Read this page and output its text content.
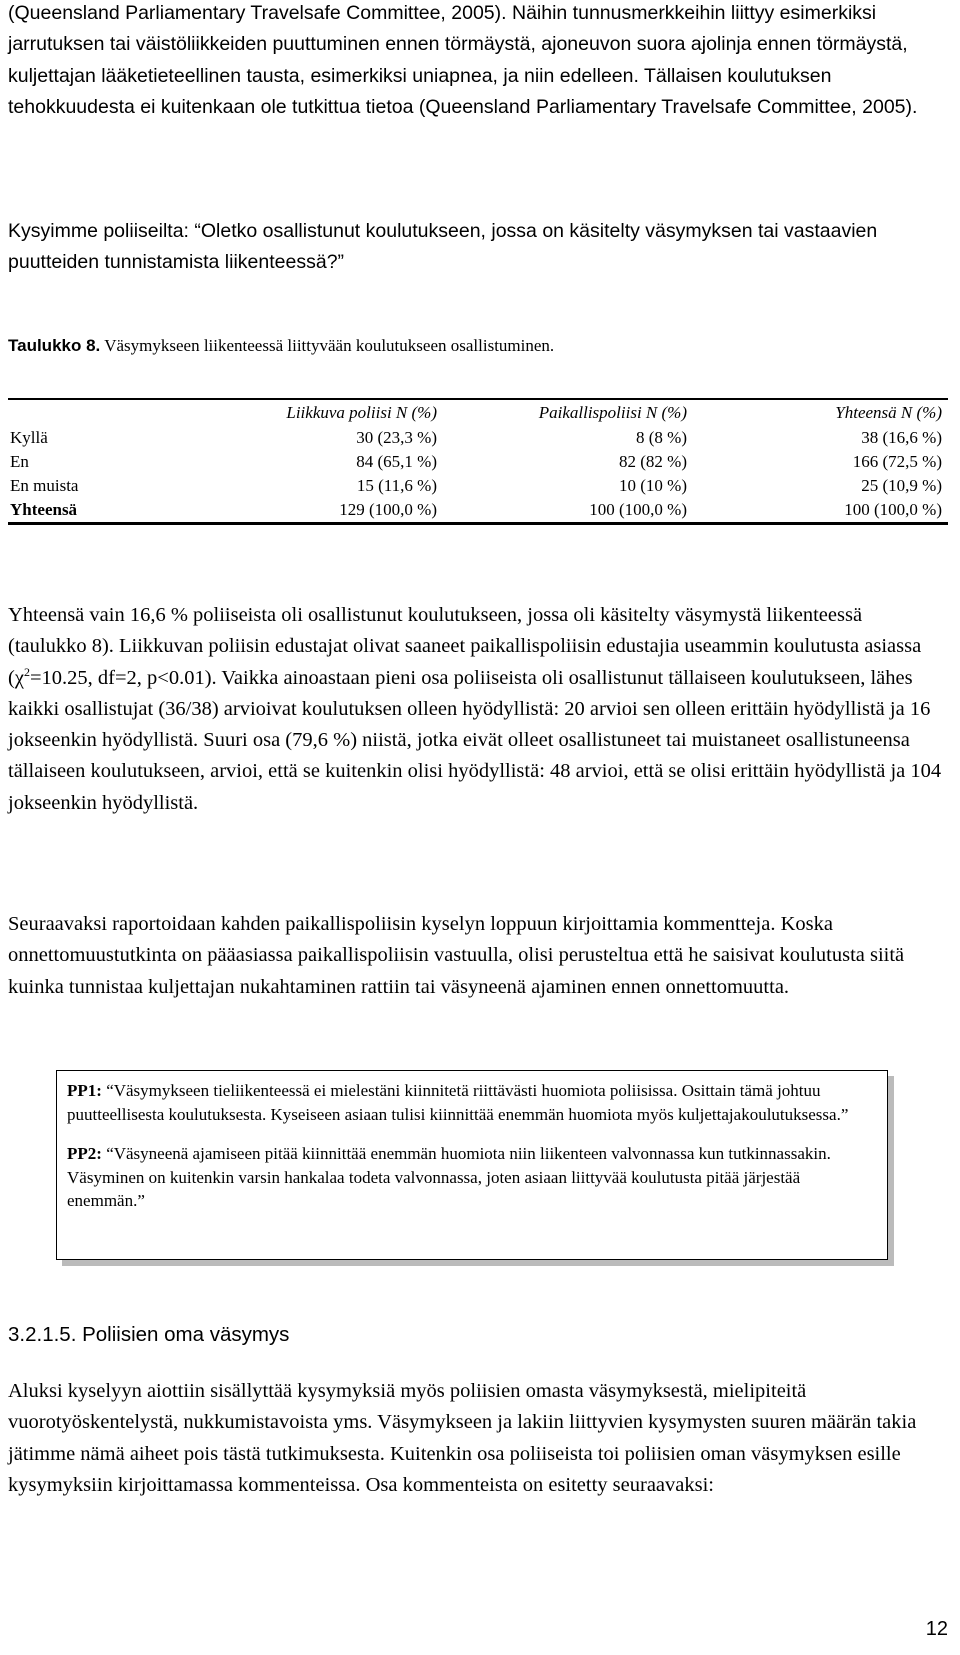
(Queensland Parliamentary Travelsafe Committee, 2005). Näihin tunnusmerkkeihin liittyy esimerkiksi jarrutuksen tai väistöliikkeiden puuttuminen ennen törmäystä, ajoneuvon suora ajolinja ennen törmäystä, kuljettajan lääketieteellinen tausta, esimerkiksi uniapnea, ja niin edelleen. Tällaisen koulutuksen tehokkuudesta ei kuitenkaan ole tutkittua tietoa (Queensland Parliamentary Travelsafe Committee, 2005).

Kysyimme poliiseilta: “Oletko osallistunut koulutukseen, jossa on käsitelty väsymyksen tai vastaavien puutteiden tunnistamista liikenteessä?”

Taulukko 8. Väsymykseen liikenteessä liittyvään koulutukseen osallistuminen.
	Liikkuva poliisi N (%)	Paikallispoliisi N (%)	Yhteensä N (%)
Kyllä	30 (23,3 %)	8 (8 %)	38 (16,6 %)
En	84 (65,1 %)	82 (82 %)	166 (72,5 %)
En muista	15 (11,6 %)	10 (10 %)	25 (10,9 %)
Yhteensä	129 (100,0 %)	100 (100,0 %)	100 (100,0 %)

Yhteensä vain 16,6 % poliiseista oli osallistunut koulutukseen, jossa oli käsitelty väsymystä liikenteessä (taulukko 8). Liikkuvan poliisin edustajat olivat saaneet paikallispoliisin edustajia useammin koulutusta asiassa ($\chi^2=10.25$, df=2, p<0.01). Vaikka ainoastaan pieni osa poliiseista oli osallistunut tällaiseen koulutukseen, lähes kaikki osallistujat (36/38) arvioivat koulutuksen olleen hyödyllistä: 20 arvioi sen olleen erittäin hyödyllistä ja 16 jokseenkin hyödyllistä. Suuri osa (79,6 %) niistä, jotka eivät olleet osallistuneet tai muistaneet osallistuneensa tällaiseen koulutukseen, arvioi, että se kuitenkin olisi hyödyllistä: 48 arvioi, että se olisi erittäin hyödyllistä ja 104 jokseenkin hyödyllistä.

Seuraavaksi raportoidaan kahden paikallispoliisin kyselyn loppuun kirjoittamia kommentteja. Koska onnettomuustutkinta on pääasiassa paikallispoliisin vastuulla, olisi perusteltua että he saisivat koulutusta siitä kuinka tunnistaa kuljettajan nukahtaminen rattiin tai väsyneenä ajaminen ennen onnettomuutta.

PP1: “Väsymykseen tieliikenteessä ei mielestäni kiinnitetä riittävästi huomiota poliisissa. Osittain tämä johtuu puutteellisesta koulutuksesta. Kyseiseen asiaan tulisi kiinnittää enemmän huomiota myös kuljettajakoulutuksessa.”

PP2: “Väsyneenä ajamiseen pitää kiinnittää enemmän huomiota niin liikenteen valvonnassa kun tutkinnassakin. Väsyminen on kuitenkin varsin hankalaa todeta valvonnassa, joten asiaan liittyvää koulutusta pitää järjestää enemmän.”

3.2.1.5. Poliisien oma väsymys

Aluksi kyselyyn aiottiin sisällyttää kysymyksiä myös poliisien omasta väsymyksestä, mielipiteitä vuorotyöskentelystä, nukkumistavoista yms. Väsymykseen ja lakiin liittyvien kysymysten suuren määrän takia jätimme nämä aiheet pois tästä tutkimuksesta. Kuitenkin osa poliiseista toi poliisien oman väsymyksen esille kysymyksiin kirjoittamassa kommenteissa. Osa kommenteista on esitetty seuraavaksi:

12
